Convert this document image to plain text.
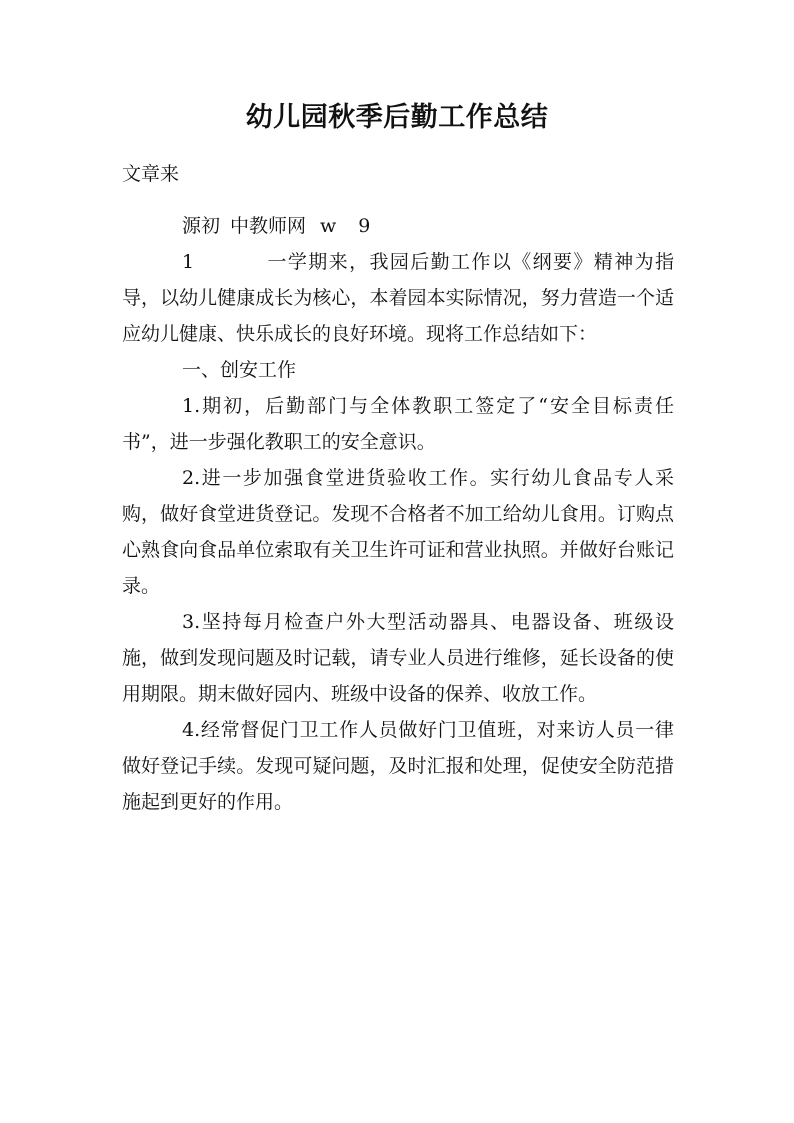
幼儿园秋季后勤工作总结

文章来

源初 中教师网 w 9

1	一学期来，我园后勤工作以《纲要》精神为指导，以幼儿健康成长为核心，本着园本实际情况，努力营造一个适应幼儿健康、快乐成长的良好环境。现将工作总结如下：

一、创安工作

1.期初，后勤部门与全体教职工签定了“安全目标责任书”，进一步强化教职工的安全意识。

2.进一步加强食堂进货验收工作。实行幼儿食品专人采购，做好食堂进货登记。发现不合格者不加工给幼儿食用。订购点心熟食向食品单位索取有关卫生许可证和营业执照。并做好台账记录。

3.坚持每月检查户外大型活动器具、电器设备、班级设施，做到发现问题及时记载，请专业人员进行维修，延长设备的使用期限。期末做好园内、班级中设备的保养、收放工作。

4.经常督促门卫工作人员做好门卫值班，对来访人员一律做好登记手续。发现可疑问题，及时汇报和处理，促使安全防范措施起到更好的作用。
